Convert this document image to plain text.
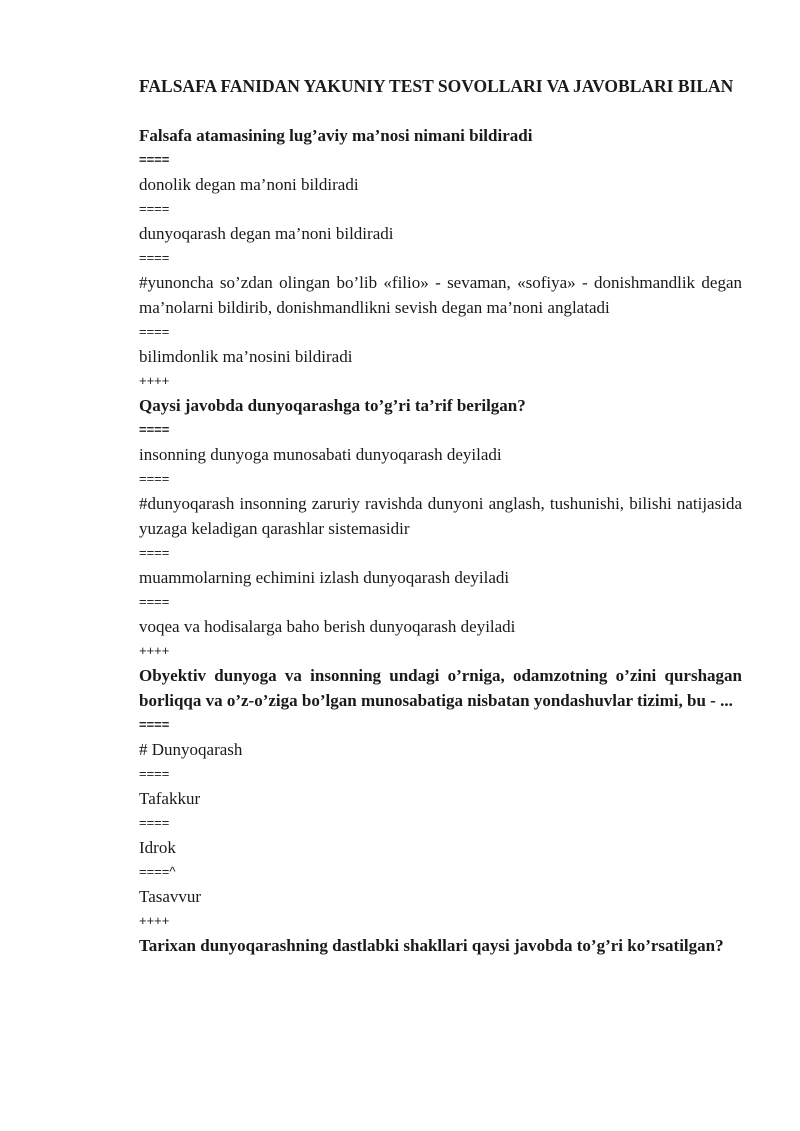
FALSAFA FANIDAN YAKUNIY TEST SOVOLLARI VA JAVOBLARI BILAN
Falsafa atamasining lug’aviy ma’nosi nimani bildiradi
====
donolik degan ma’noni bildiradi
====
dunyoqarash degan ma’noni bildiradi
====
#yunoncha so’zdan olingan bo’lib «filio» - sevaman, «sofiya» - donishmandlik degan ma’nolarni bildirib, donishmandlikni sevish degan ma’noni anglatadi
====
bilimdonlik ma’nosini bildiradi
++++
Qaysi javobda dunyoqarashga to’g’ri ta’rif berilgan?
====
insonning dunyoga munosabati dunyoqarash deyiladi
====
#dunyoqarash insonning zaruriy ravishda dunyoni anglash, tushunishi, bilishi natijasida yuzaga keladigan qarashlar sistemasidir
====
muammolarning echimini izlash dunyoqarash deyiladi
====
voqea va hodisalarga baho berish dunyoqarash deyiladi
++++
Obyektiv dunyoga va insonning undagi o’rniga, odamzotning o’zini qurshagan borliqqa va o’z-o’ziga bo’lgan munosabatiga nisbatan yondashuvlar tizimi, bu - ...
====
# Dunyoqarash
====
Tafakkur
====
Idrok
====^
Tasavvur
++++
Tarixan dunyoqarashning dastlabki shakllari qaysi javobda to’g’ri ko’rsatilgan?
